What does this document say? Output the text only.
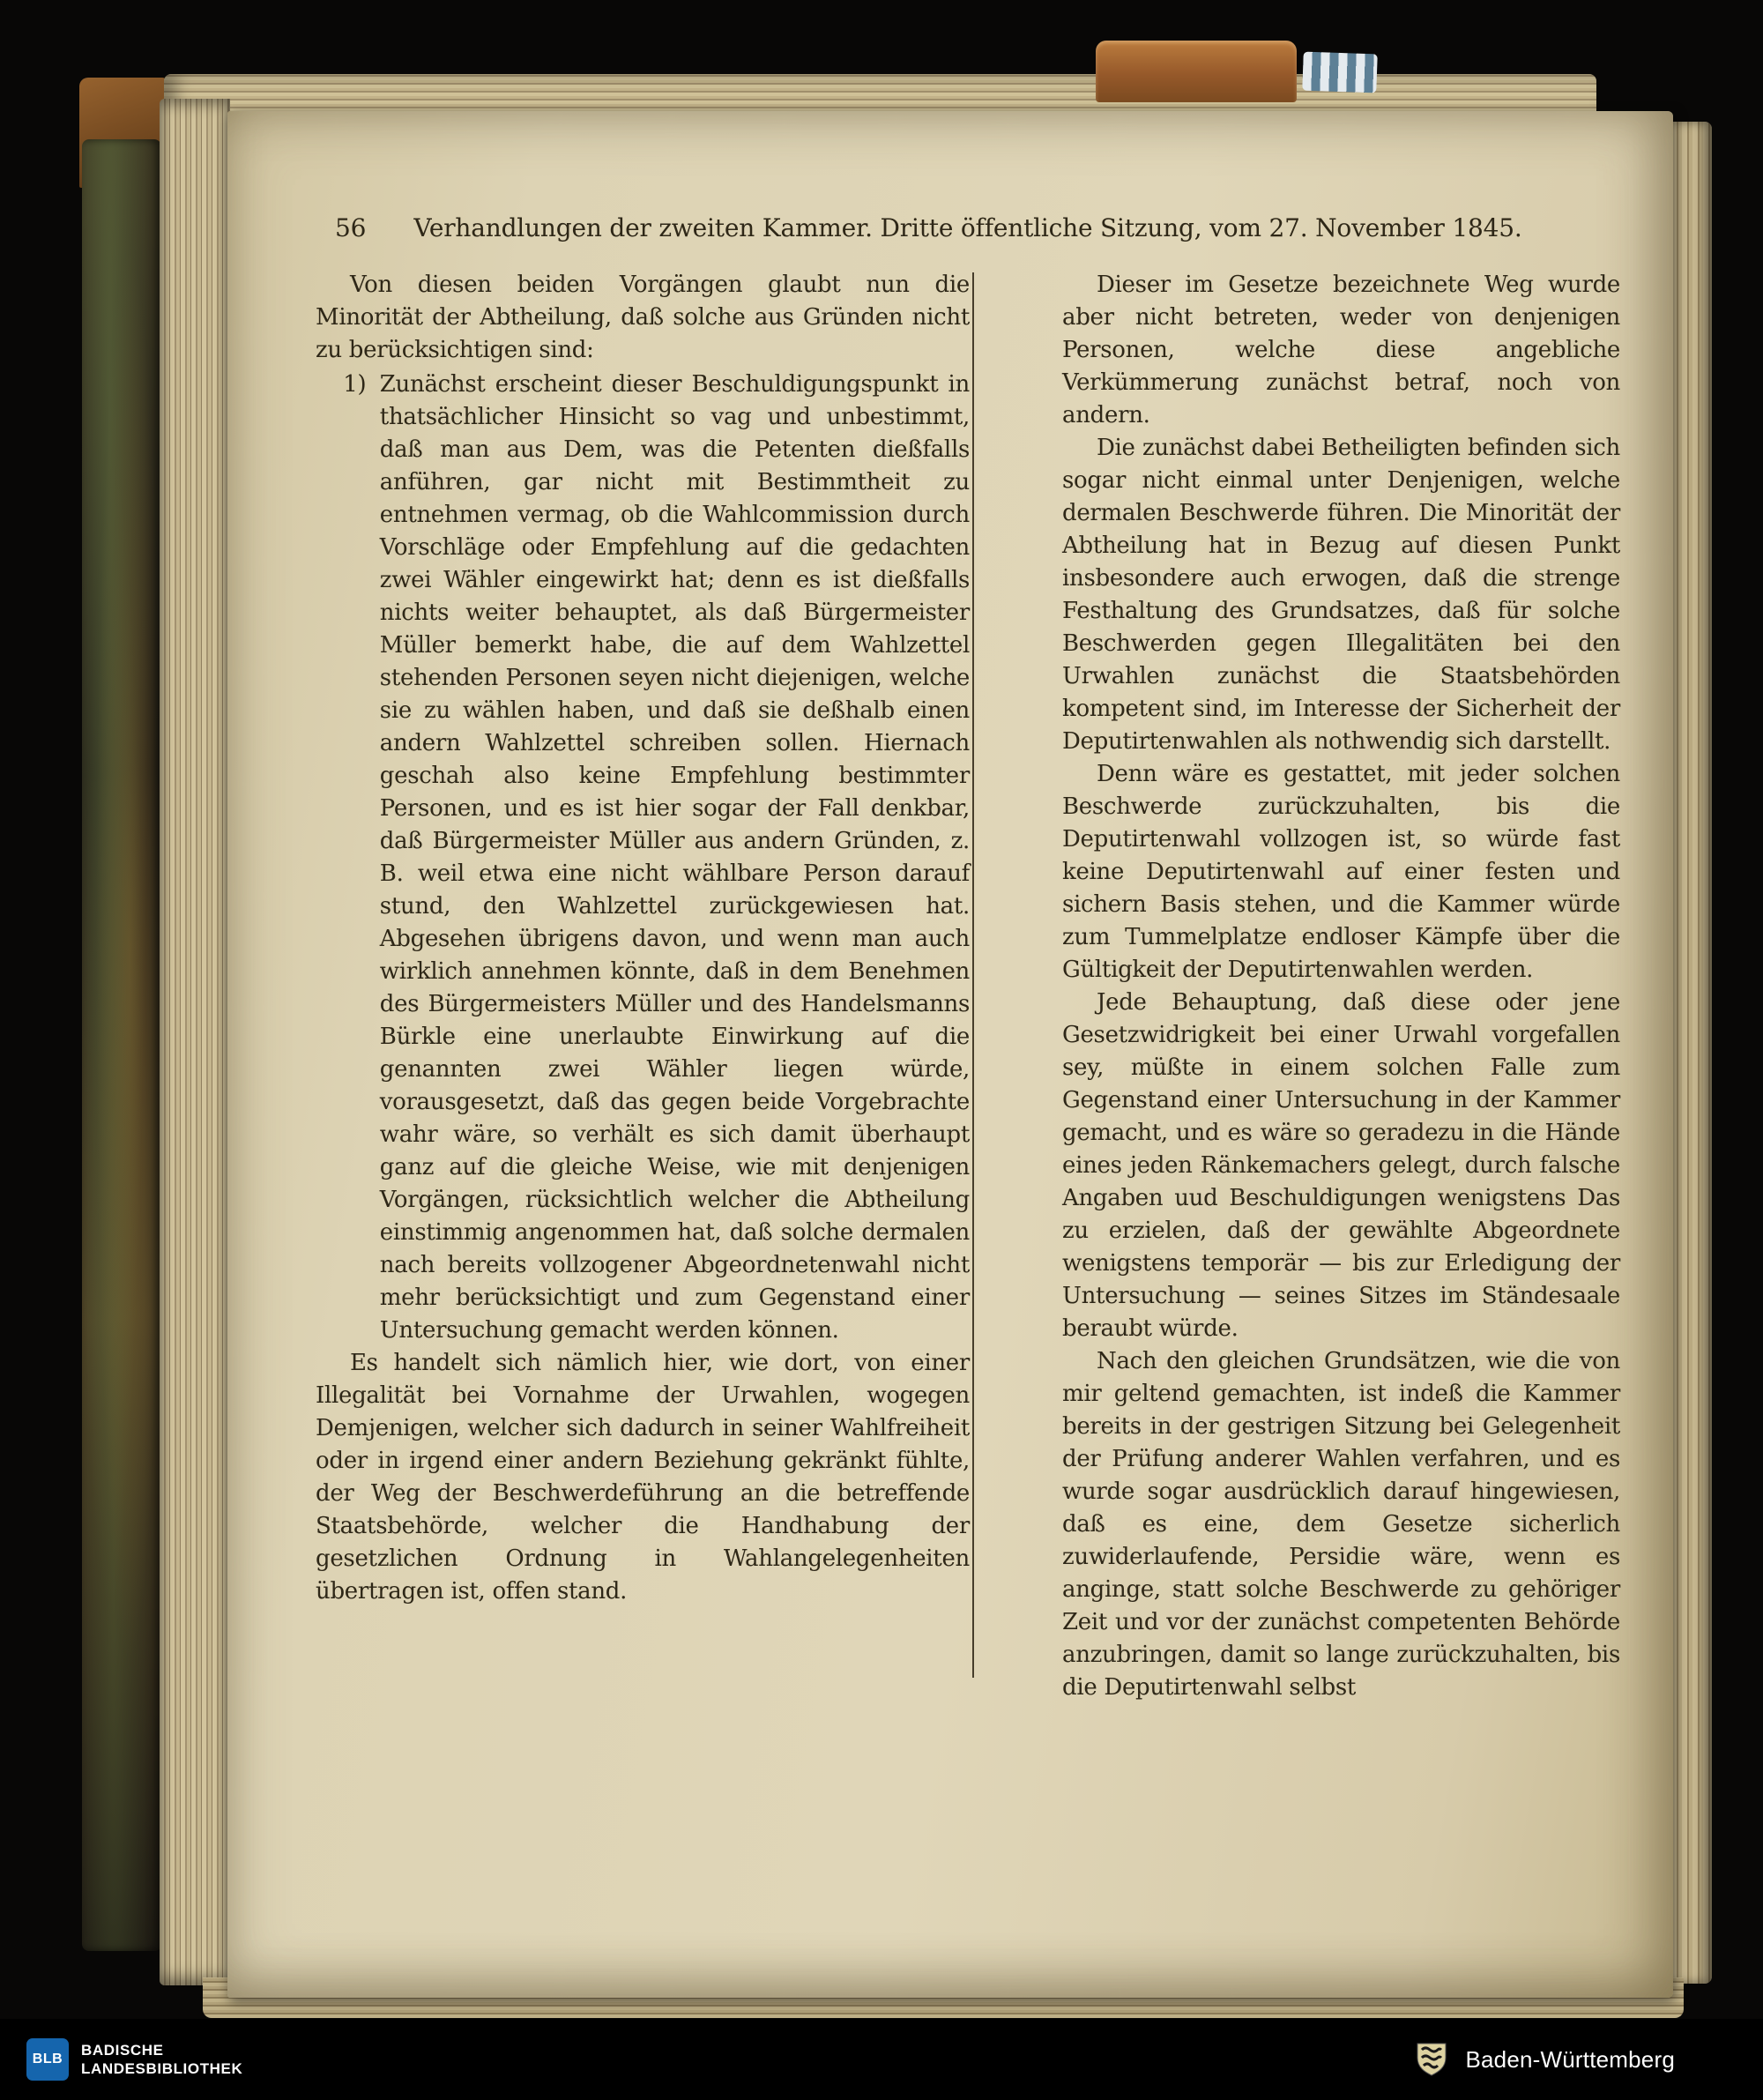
56 Verhandlungen der zweiten Kammer. Dritte öffentliche Sitzung, vom 27. November 1845.

Von diesen beiden Vorgängen glaubt nun die Minorität der Abtheilung, daß solche aus Gründen nicht zu berücksichtigen sind:

1) Zunächst erscheint dieser Beschuldigungspunkt in thatsächlicher Hinsicht so vag und unbestimmt, daß man aus Dem, was die Petenten dießfalls anführen, gar nicht mit Bestimmtheit zu entnehmen vermag, ob die Wahlcommission durch Vorschläge oder Empfehlung auf die gedachten zwei Wähler eingewirkt hat; denn es ist dießfalls nichts weiter behauptet, als daß Bürgermeister Müller bemerkt habe, die auf dem Wahlzettel stehenden Personen seyen nicht diejenigen, welche sie zu wählen haben, und daß sie deßhalb einen andern Wahlzettel schreiben sollen. Hiernach geschah also keine Empfehlung bestimmter Personen, und es ist hier sogar der Fall denkbar, daß Bürgermeister Müller aus andern Gründen, z. B. weil etwa eine nicht wählbare Person darauf stund, den Wahlzettel zurückgewiesen hat. Abgesehen übrigens davon, und wenn man auch wirklich annehmen könnte, daß in dem Benehmen des Bürgermeisters Müller und des Handelsmanns Bürkle eine unerlaubte Einwirkung auf die genannten zwei Wähler liegen würde, vorausgesetzt, daß das gegen beide Vorgebrachte wahr wäre, so verhält es sich damit überhaupt ganz auf die gleiche Weise, wie mit denjenigen Vorgängen, rücksichtlich welcher die Abtheilung einstimmig angenommen hat, daß solche dermalen nach bereits vollzogener Abgeordnetenwahl nicht mehr berücksichtigt und zum Gegenstand einer Untersuchung gemacht werden können.

Es handelt sich nämlich hier, wie dort, von einer Illegalität bei Vornahme der Urwahlen, wogegen Demjenigen, welcher sich dadurch in seiner Wahlfreiheit oder in irgend einer andern Beziehung gekränkt fühlte, der Weg der Beschwerdeführung an die betreffende Staatsbehörde, welcher die Handhabung der gesetzlichen Ordnung in Wahlangelegenheiten übertragen ist, offen stand.

Dieser im Gesetze bezeichnete Weg wurde aber nicht betreten, weder von denjenigen Personen, welche diese angebliche Verkümmerung zunächst betraf, noch von andern.

Die zunächst dabei Betheiligten befinden sich sogar nicht einmal unter Denjenigen, welche dermalen Beschwerde führen. Die Minorität der Abtheilung hat in Bezug auf diesen Punkt insbesondere auch erwogen, daß die strenge Festhaltung des Grundsatzes, daß für solche Beschwerden gegen Illegalitäten bei den Urwahlen zunächst die Staatsbehörden kompetent sind, im Interesse der Sicherheit der Deputirtenwahlen als nothwendig sich darstellt.

Denn wäre es gestattet, mit jeder solchen Beschwerde zurückzuhalten, bis die Deputirtenwahl vollzogen ist, so würde fast keine Deputirtenwahl auf einer festen und sichern Basis stehen, und die Kammer würde zum Tummelplatze endloser Kämpfe über die Gültigkeit der Deputirtenwahlen werden.

Jede Behauptung, daß diese oder jene Gesetzwidrigkeit bei einer Urwahl vorgefallen sey, müßte in einem solchen Falle zum Gegenstand einer Untersuchung in der Kammer gemacht, und es wäre so geradezu in die Hände eines jeden Ränkemachers gelegt, durch falsche Angaben uud Beschuldigungen wenigstens Das zu erzielen, daß der gewählte Abgeordnete wenigstens temporär — bis zur Erledigung der Untersuchung — seines Sitzes im Ständesaale beraubt würde.

Nach den gleichen Grundsätzen, wie die von mir geltend gemachten, ist indeß die Kammer bereits in der gestrigen Sitzung bei Gelegenheit der Prüfung anderer Wahlen verfahren, und es wurde sogar ausdrücklich darauf hingewiesen, daß es eine, dem Gesetze sicherlich zuwiderlaufende, Persidie wäre, wenn es anginge, statt solche Beschwerde zu gehöriger Zeit und vor der zunächst competenten Behörde anzubringen, damit so lange zurückzuhalten, bis die Deputirtenwahl selbst

BLB
BADISCHE
LANDESBIBLIOTHEK	Baden-Württemberg
